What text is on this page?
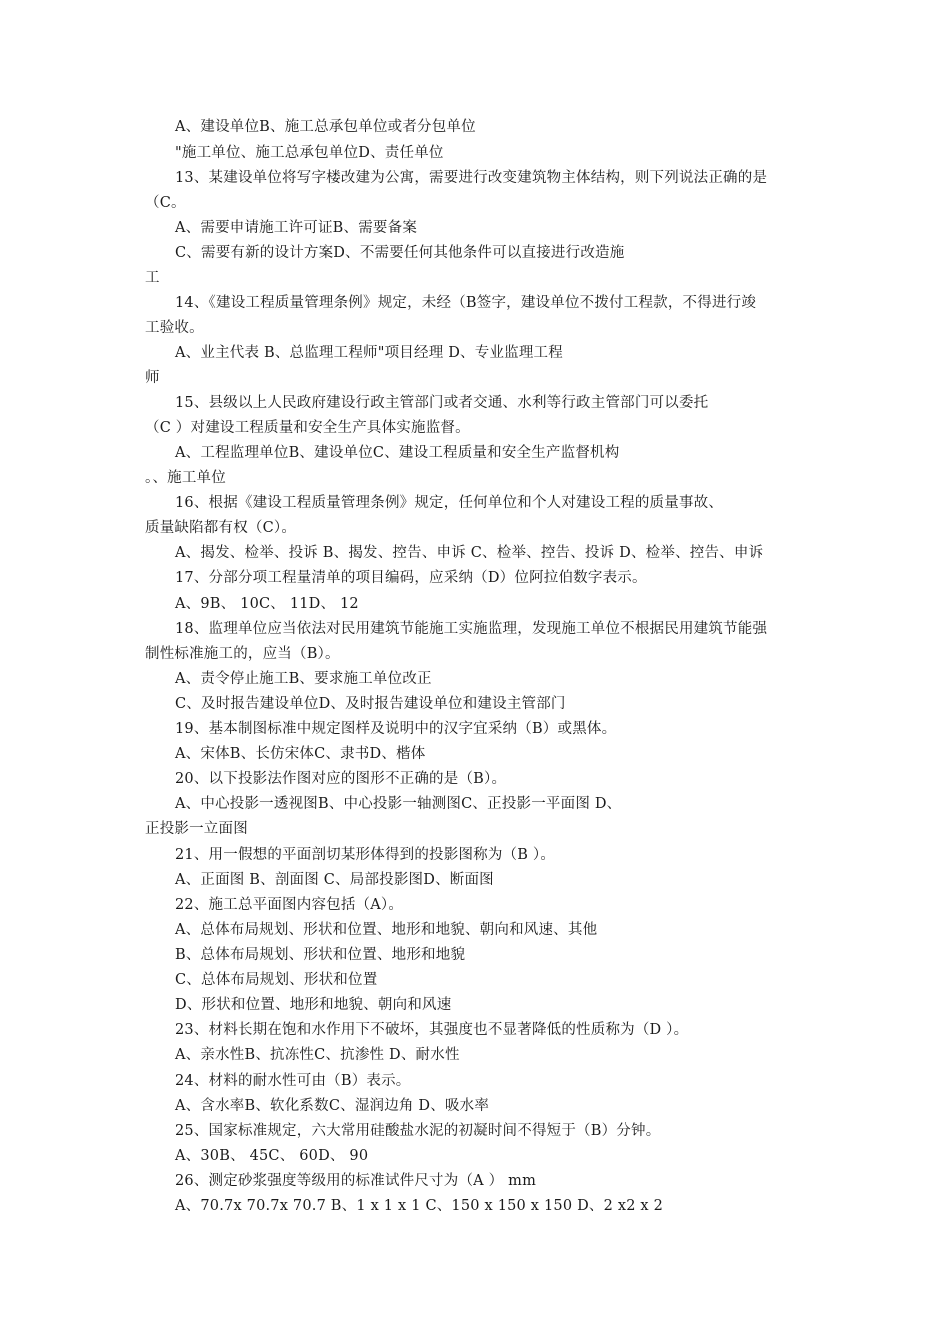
A、建设单位B、施工总承包单位或者分包单位
"施工单位、施工总承包单位D、责任单位
13、某建设单位将写字楼改建为公寓，需要进行改变建筑物主体结构，则下列说法正确的是
（C。
A、需要申请施工许可证B、需要备案
C、需要有新的设计方案D、不需要任何其他条件可以直接进行改造施
工
14、《建设工程质量管理条例》规定，未经（B签字，建设单位不拨付工程款，不得进行竣
工验收。
A、业主代表 B、总监理工程师"项目经理 D、专业监理工程
师
15、县级以上人民政府建设行政主管部门或者交通、水利等行政主管部门可以委托
（C ）对建设工程质量和安全生产具体实施监督。
A、工程监理单位B、建设单位C、建设工程质量和安全生产监督机构
。、施工单位
16、根据《建设工程质量管理条例》规定，任何单位和个人对建设工程的质量事故、
质量缺陷都有权（C）。
A、揭发、检举、投诉 B、揭发、控告、申诉 C、检举、控告、投诉 D、检举、控告、申诉
17、分部分项工程量清单的项目编码，应采纳（D）位阿拉伯数字表示。
A、9B、 10C、 11D、 12
18、监理单位应当依法对民用建筑节能施工实施监理，发现施工单位不根据民用建筑节能强
制性标准施工的，应当（B）。
A、责令停止施工B、要求施工单位改正
C、及时报告建设单位D、及时报告建设单位和建设主管部门
19、基本制图标准中规定图样及说明中的汉字宜采纳（B）或黑体。
A、宋体B、长仿宋体C、隶书D、楷体
20、以下投影法作图对应的图形不正确的是（B）。
A、中心投影一透视图B、中心投影一轴测图C、正投影一平面图 D、
正投影一立面图
21、用一假想的平面剖切某形体得到的投影图称为（B ）。
A、正面图 B、剖面图 C、局部投影图D、断面图
22、施工总平面图内容包括（A）。
A、总体布局规划、形状和位置、地形和地貌、朝向和风速、其他
B、总体布局规划、形状和位置、地形和地貌
C、总体布局规划、形状和位置
D、形状和位置、地形和地貌、朝向和风速
23、材料长期在饱和水作用下不破坏，其强度也不显著降低的性质称为（D ）。
A、亲水性B、抗冻性C、抗渗性 D、耐水性
24、材料的耐水性可由（B）表示。
A、含水率B、软化系数C、湿润边角 D、吸水率
25、国家标准规定，六大常用硅酸盐水泥的初凝时间不得短于（B）分钟。
A、30B、 45C、 60D、 90
26、测定砂浆强度等级用的标准试件尺寸为（A ） mm
A、70.7x 70.7x 70.7 B、1 x 1 x 1 C、150 x 150 x 150 D、2 x2 x 2
